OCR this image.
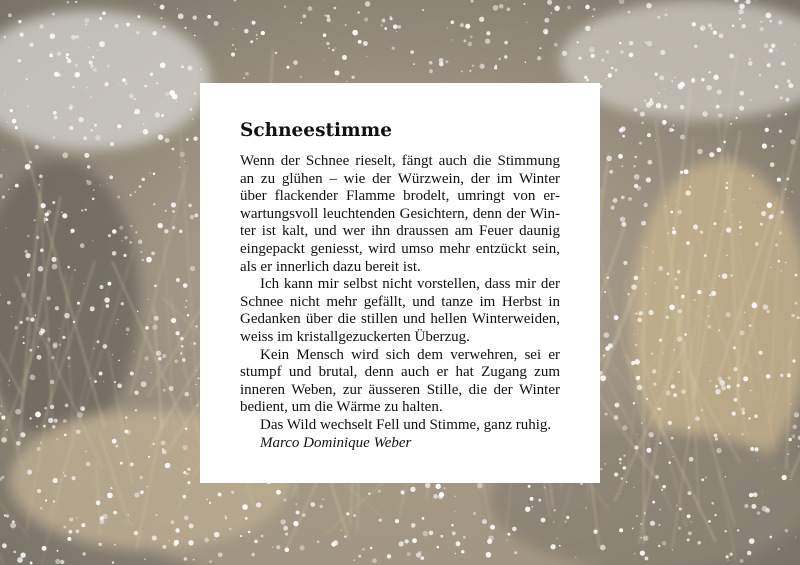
Schneestimme

Wenn der Schnee rieselt, fängt auch die Stimmung an zu glühen – wie der Würzwein, der im Winter über flackender Flamme brodelt, umringt von erwartungsvoll leuchtenden Gesichtern, denn der Winter ist kalt, und wer ihn draussen am Feuer daunig eingepackt geniesst, wird umso mehr entzückt sein, als er innerlich dazu bereit ist.

Ich kann mir selbst nicht vorstellen, dass mir der Schnee nicht mehr gefällt, und tanze im Herbst in Gedanken über die stillen und hellen Winterweiden, weiss im kristallgezuckerten Überzug.

Kein Mensch wird sich dem verwehren, sei er stumpf und brutal, denn auch er hat Zugang zum inneren Weben, zur äusseren Stille, die der Winter bedient, um die Wärme zu halten.

Das Wild wechselt Fell und Stimme, ganz ruhig.

Marco Dominique Weber
